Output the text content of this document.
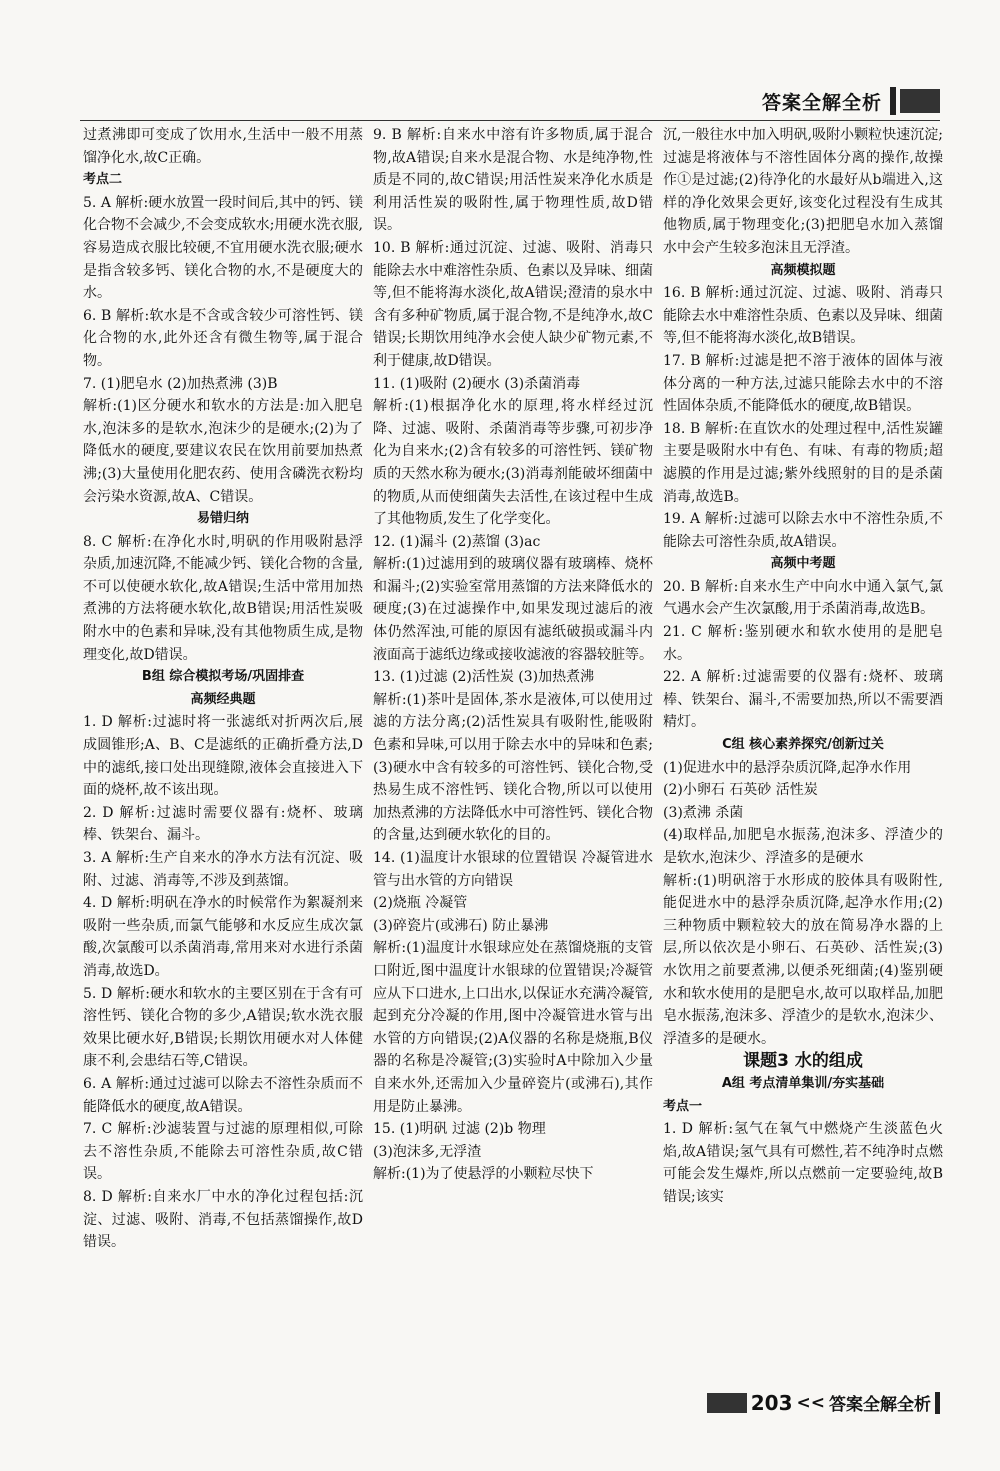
答案全解全析

过煮沸即可变成了饮用水,生活中一般不用蒸馏净化水,故C正确。

考点二

5. A 解析:硬水放置一段时间后,其中的钙、镁化合物不会减少,不会变成软水;用硬水洗衣服,容易造成衣服比较硬,不宜用硬水洗衣服;硬水是指含较多钙、镁化合物的水,不是硬度大的水。

6. B 解析:软水是不含或含较少可溶性钙、镁化合物的水,此外还含有微生物等,属于混合物。

7. (1)肥皂水 (2)加热煮沸 (3)B

解析:(1)区分硬水和软水的方法是:加入肥皂水,泡沫多的是软水,泡沫少的是硬水;(2)为了降低水的硬度,要建议农民在饮用前要加热煮沸;(3)大量使用化肥农药、使用含磷洗衣粉均会污染水资源,故A、C错误。

易错归纳

8. C 解析:在净化水时,明矾的作用吸附悬浮杂质,加速沉降,不能减少钙、镁化合物的含量,不可以使硬水软化,故A错误;生活中常用加热煮沸的方法将硬水软化,故B错误;用活性炭吸附水中的色素和异味,没有其他物质生成,是物理变化,故D错误。

B组 综合模拟考场/巩固排查

高频经典题

1. D 解析:过滤时将一张滤纸对折两次后,展成圆锥形;A、B、C是滤纸的正确折叠方法,D中的滤纸,接口处出现缝隙,液体会直接进入下面的烧杯,故不该出现。

2. D 解析:过滤时需要仪器有:烧杯、玻璃棒、铁架台、漏斗。

3. A 解析:生产自来水的净水方法有沉淀、吸附、过滤、消毒等,不涉及到蒸馏。

4. D 解析:明矾在净水的时候常作为絮凝剂来吸附一些杂质,而氯气能够和水反应生成次氯酸,次氯酸可以杀菌消毒,常用来对水进行杀菌消毒,故选D。

5. D 解析:硬水和软水的主要区别在于含有可溶性钙、镁化合物的多少,A错误;软水洗衣服效果比硬水好,B错误;长期饮用硬水对人体健康不利,会患结石等,C错误。

6. A 解析:通过过滤可以除去不溶性杂质而不能降低水的硬度,故A错误。

7. C 解析:沙滤装置与过滤的原理相似,可除去不溶性杂质,不能除去可溶性杂质,故C错误。

8. D 解析:自来水厂中水的净化过程包括:沉淀、过滤、吸附、消毒,不包括蒸馏操作,故D错误。

9. B 解析:自来水中溶有许多物质,属于混合物,故A错误;自来水是混合物、水是纯净物,性质是不同的,故C错误;用活性炭来净化水质是利用活性炭的吸附性,属于物理性质,故D错误。

10. B 解析:通过沉淀、过滤、吸附、消毒只能除去水中难溶性杂质、色素以及异味、细菌等,但不能将海水淡化,故A错误;澄清的泉水中含有多种矿物质,属于混合物,不是纯净水,故C错误;长期饮用纯净水会使人缺少矿物元素,不利于健康,故D错误。

11. (1)吸附 (2)硬水 (3)杀菌消毒

解析:(1)根据净化水的原理,将水样经过沉降、过滤、吸附、杀菌消毒等步骤,可初步净化为自来水;(2)含有较多的可溶性钙、镁矿物质的天然水称为硬水;(3)消毒剂能破坏细菌中的物质,从而使细菌失去活性,在该过程中生成了其他物质,发生了化学变化。

12. (1)漏斗 (2)蒸馏 (3)ac

解析:(1)过滤用到的玻璃仪器有玻璃棒、烧杯和漏斗;(2)实验室常用蒸馏的方法来降低水的硬度;(3)在过滤操作中,如果发现过滤后的液体仍然浑浊,可能的原因有滤纸破损或漏斗内液面高于滤纸边缘或接收滤液的容器较脏等。

13. (1)过滤 (2)活性炭 (3)加热煮沸

解析:(1)茶叶是固体,茶水是液体,可以使用过滤的方法分离;(2)活性炭具有吸附性,能吸附色素和异味,可以用于除去水中的异味和色素;(3)硬水中含有较多的可溶性钙、镁化合物,受热易生成不溶性钙、镁化合物,所以可以使用加热煮沸的方法降低水中可溶性钙、镁化合物的含量,达到硬水软化的目的。

14. (1)温度计水银球的位置错误 冷凝管进水管与出水管的方向错误

(2)烧瓶 冷凝管

(3)碎瓷片(或沸石) 防止暴沸

解析:(1)温度计水银球应处在蒸馏烧瓶的支管口附近,图中温度计水银球的位置错误;冷凝管应从下口进水,上口出水,以保证水充满冷凝管,起到充分冷凝的作用,图中冷凝管进水管与出水管的方向错误;(2)A仪器的名称是烧瓶,B仪器的名称是冷凝管;(3)实验时A中除加入少量自来水外,还需加入少量碎瓷片(或沸石),其作用是防止暴沸。

15. (1)明矾 过滤 (2)b 物理

(3)泡沫多,无浮渣

解析:(1)为了使悬浮的小颗粒尽快下

沉,一般往水中加入明矾,吸附小颗粒快速沉淀;过滤是将液体与不溶性固体分离的操作,故操作①是过滤;(2)待净化的水最好从b端进入,这样的净化效果会更好,该变化过程没有生成其他物质,属于物理变化;(3)把肥皂水加入蒸馏水中会产生较多泡沫且无浮渣。

高频模拟题

16. B 解析:通过沉淀、过滤、吸附、消毒只能除去水中难溶性杂质、色素以及异味、细菌等,但不能将海水淡化,故B错误。

17. B 解析:过滤是把不溶于液体的固体与液体分离的一种方法,过滤只能除去水中的不溶性固体杂质,不能降低水的硬度,故B错误。

18. B 解析:在直饮水的处理过程中,活性炭罐主要是吸附水中有色、有味、有毒的物质;超滤膜的作用是过滤;紫外线照射的目的是杀菌消毒,故选B。

19. A 解析:过滤可以除去水中不溶性杂质,不能除去可溶性杂质,故A错误。

高频中考题

20. B 解析:自来水生产中向水中通入氯气,氯气遇水会产生次氯酸,用于杀菌消毒,故选B。

21. C 解析:鉴别硬水和软水使用的是肥皂水。

22. A 解析:过滤需要的仪器有:烧杯、玻璃棒、铁架台、漏斗,不需要加热,所以不需要酒精灯。

C组 核心素养探究/创新过关

(1)促进水中的悬浮杂质沉降,起净水作用

(2)小卵石 石英砂 活性炭

(3)煮沸 杀菌

(4)取样品,加肥皂水振荡,泡沫多、浮渣少的是软水,泡沫少、浮渣多的是硬水

解析:(1)明矾溶于水形成的胶体具有吸附性,能促进水中的悬浮杂质沉降,起净水作用;(2)三种物质中颗粒较大的放在简易净水器的上层,所以依次是小卵石、石英砂、活性炭;(3)水饮用之前要煮沸,以便杀死细菌;(4)鉴别硬水和软水使用的是肥皂水,故可以取样品,加肥皂水振荡,泡沫多、浮渣少的是软水,泡沫少、浮渣多的是硬水。

课题3 水的组成

A组 考点清单集训/夯实基础

考点一

1. D 解析:氢气在氧气中燃烧产生淡蓝色火焰,故A错误;氢气具有可燃性,若不纯净时点燃可能会发生爆炸,所以点燃前一定要验纯,故B错误;该实

203 << 答案全解全析
